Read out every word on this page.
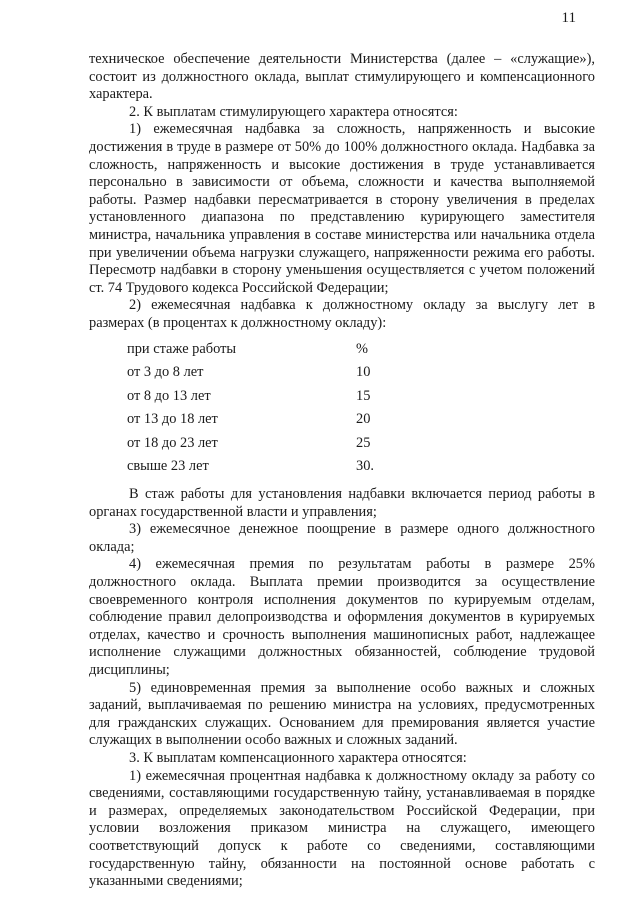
11

техническое обеспечение деятельности Министерства (далее – «служащие»), состоит из должностного оклада, выплат стимулирующего и компенсационного характера.

2. К выплатам стимулирующего характера относятся:

1) ежемесячная надбавка за сложность, напряженность и высокие достижения в труде в размере от 50% до 100% должностного оклада. Надбавка за сложность, напряженность и высокие достижения в труде устанавливается персонально в зависимости от объема, сложности и качества выполняемой работы. Размер надбавки пересматривается в сторону увеличения в пределах установленного диапазона по представлению курирующего заместителя министра, начальника управления в составе министерства или начальника отдела при увеличении объема нагрузки служащего, напряженности режима его работы. Пересмотр надбавки в сторону уменьшения осуществляется с учетом положений ст. 74 Трудового кодекса Российской Федерации;

2) ежемесячная надбавка к должностному окладу за выслугу лет в размерах (в процентах к должностному окладу):

при стаже работы	%
от 3 до 8 лет	10
от 8 до 13 лет	15
от 13 до 18 лет	20
от 18 до 23 лет	25
свыше 23 лет	30.

В стаж работы для установления надбавки включается период работы в органах государственной власти и управления;

3) ежемесячное денежное поощрение в размере одного должностного оклада;

4) ежемесячная премия по результатам работы в размере 25% должностного оклада. Выплата премии производится за осуществление своевременного контроля исполнения документов по курируемым отделам, соблюдение правил делопроизводства и оформления документов в курируемых отделах, качество и срочность выполнения машинописных работ, надлежащее исполнение служащими должностных обязанностей, соблюдение трудовой дисциплины;

5) единовременная премия за выполнение особо важных и сложных заданий, выплачиваемая по решению министра на условиях, предусмотренных для гражданских служащих. Основанием для премирования является участие служащих в выполнении особо важных и сложных заданий.

3. К выплатам компенсационного характера относятся:

1) ежемесячная процентная надбавка к должностному окладу за работу со сведениями, составляющими государственную тайну, устанавливаемая в порядке и размерах, определяемых законодательством Российской Федерации, при условии возложения приказом министра на служащего, имеющего соответствующий допуск к работе со сведениями, составляющими государственную тайну, обязанности на постоянной основе работать с указанными сведениями;
